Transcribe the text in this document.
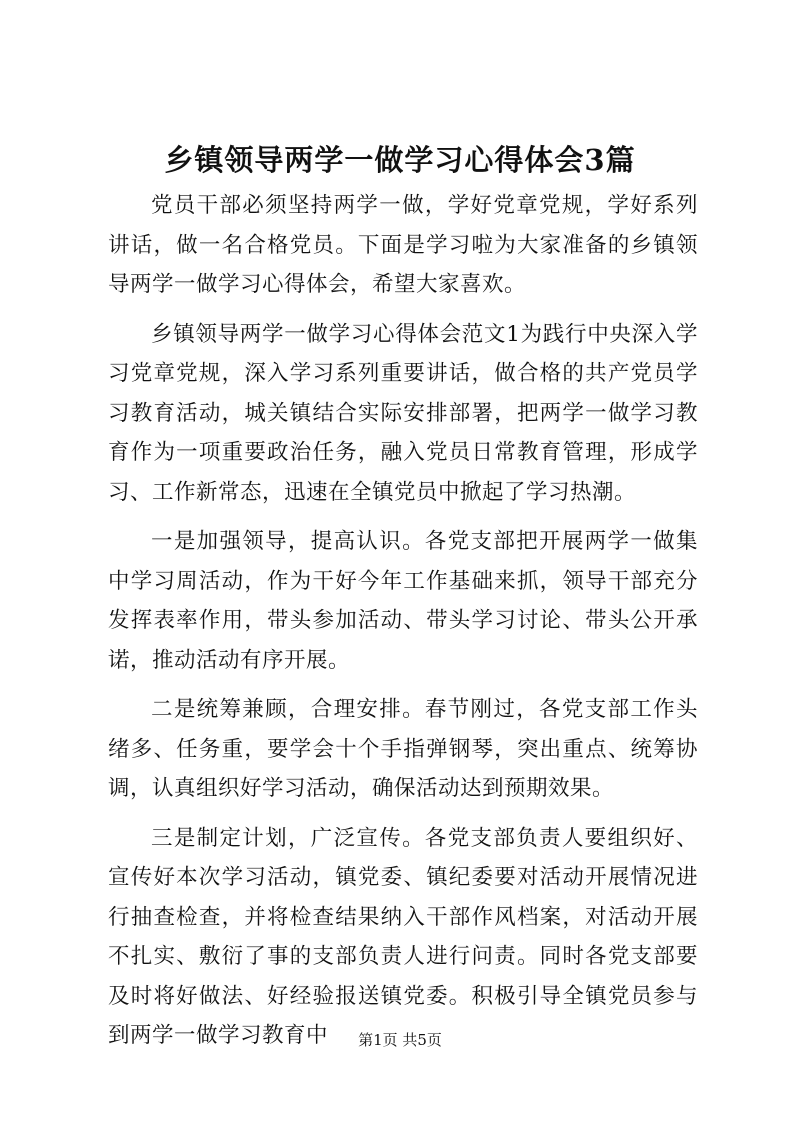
乡镇领导两学一做学习心得体会3篇

党员干部必须坚持两学一做，学好党章党规，学好系列讲话，做一名合格党员。下面是学习啦为大家准备的乡镇领导两学一做学习心得体会，希望大家喜欢。

乡镇领导两学一做学习心得体会范文1为践行中央深入学习党章党规，深入学习系列重要讲话，做合格的共产党员学习教育活动，城关镇结合实际安排部署，把两学一做学习教育作为一项重要政治任务，融入党员日常教育管理，形成学习、工作新常态，迅速在全镇党员中掀起了学习热潮。

一是加强领导，提高认识。各党支部把开展两学一做集中学习周活动，作为干好今年工作基础来抓，领导干部充分发挥表率作用，带头参加活动、带头学习讨论、带头公开承诺，推动活动有序开展。

二是统筹兼顾，合理安排。春节刚过，各党支部工作头绪多、任务重，要学会十个手指弹钢琴，突出重点、统筹协调，认真组织好学习活动，确保活动达到预期效果。

三是制定计划，广泛宣传。各党支部负责人要组织好、宣传好本次学习活动，镇党委、镇纪委要对活动开展情况进行抽查检查，并将检查结果纳入干部作风档案，对活动开展不扎实、敷衍了事的支部负责人进行问责。同时各党支部要及时将好做法、好经验报送镇党委。积极引导全镇党员参与到两学一做学习教育中	第1页 共5页
